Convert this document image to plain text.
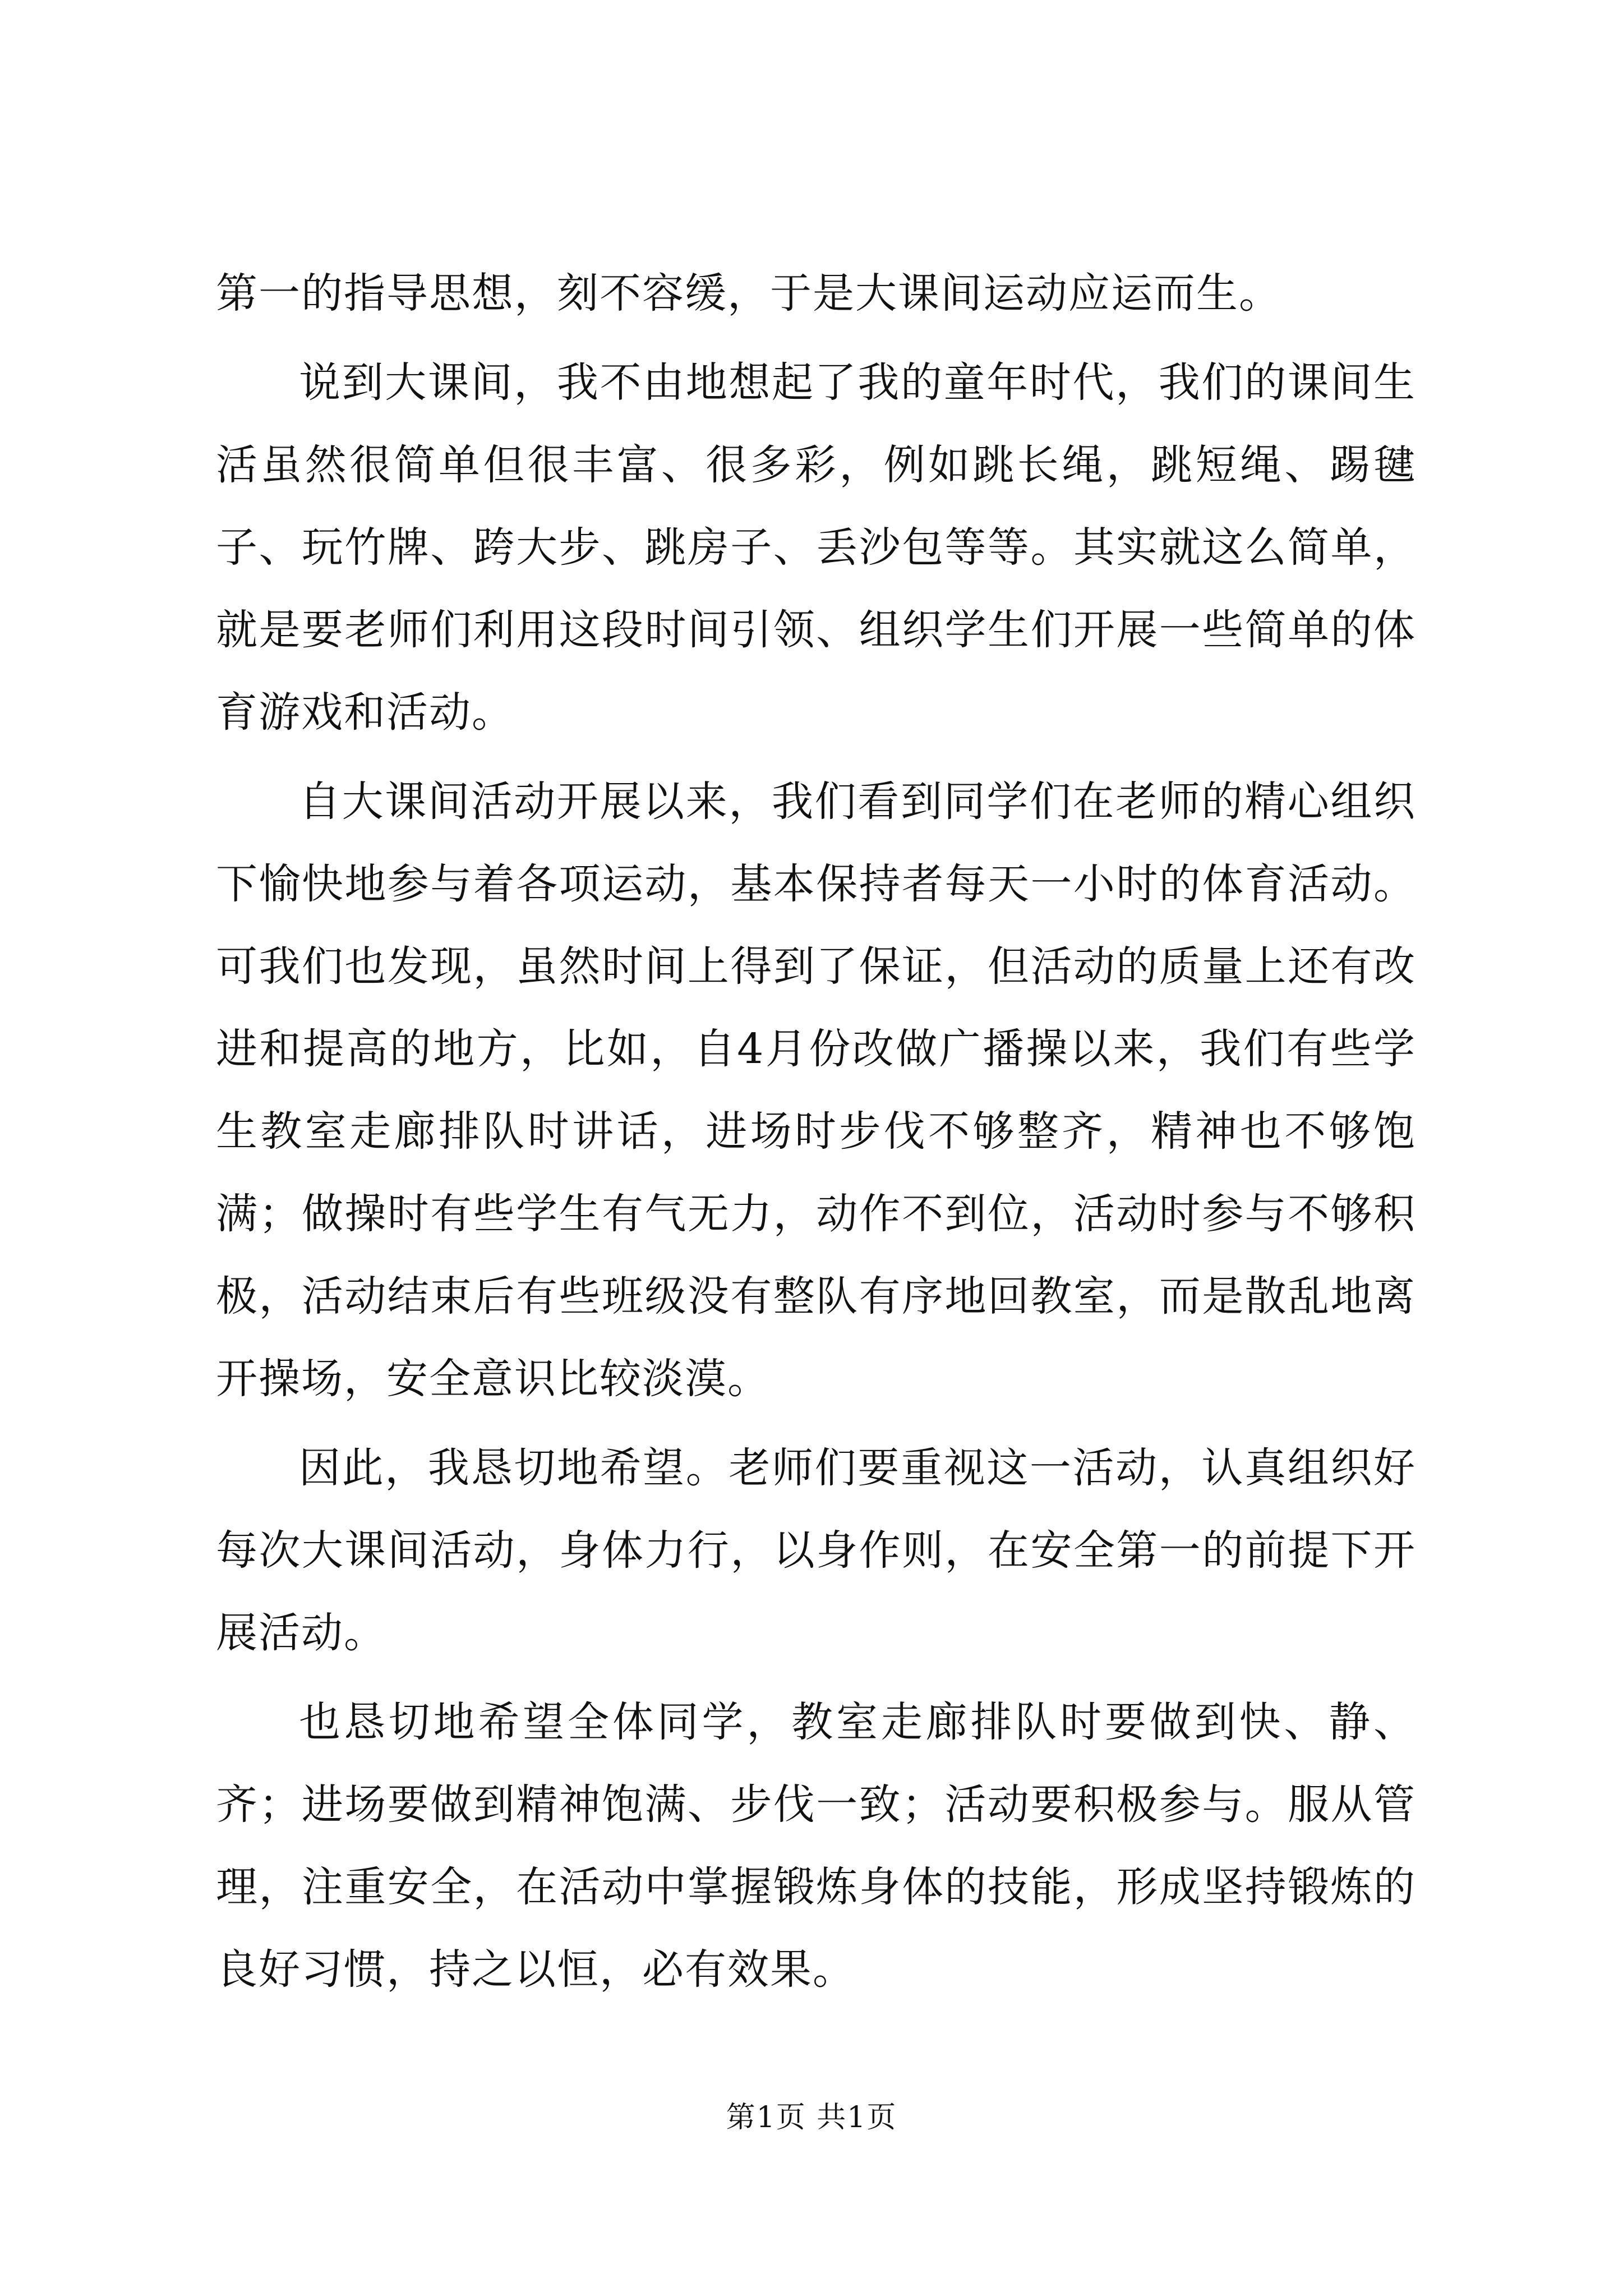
第一的指导思想，刻不容缓，于是大课间运动应运而生。

说到大课间，我不由地想起了我的童年时代，我们的课间生活虽然很简单但很丰富、很多彩，例如跳长绳，跳短绳、踢毽子、玩竹牌、跨大步、跳房子、丢沙包等等。其实就这么简单，就是要老师们利用这段时间引领、组织学生们开展一些简单的体育游戏和活动。

自大课间活动开展以来，我们看到同学们在老师的精心组织下愉快地参与着各项运动，基本保持者每天一小时的体育活动。可我们也发现，虽然时间上得到了保证，但活动的质量上还有改进和提高的地方，比如，自4月份改做广播操以来，我们有些学生教室走廊排队时讲话，进场时步伐不够整齐，精神也不够饱满；做操时有些学生有气无力，动作不到位，活动时参与不够积极，活动结束后有些班级没有整队有序地回教室，而是散乱地离开操场，安全意识比较淡漠。

因此，我恳切地希望。老师们要重视这一活动，认真组织好每次大课间活动，身体力行，以身作则，在安全第一的前提下开展活动。

也恳切地希望全体同学，教室走廊排队时要做到快、静、齐；进场要做到精神饱满、步伐一致；活动要积极参与。服从管理，注重安全，在活动中掌握锻炼身体的技能，形成坚持锻炼的良好习惯，持之以恒，必有效果。

第1页 共1页
